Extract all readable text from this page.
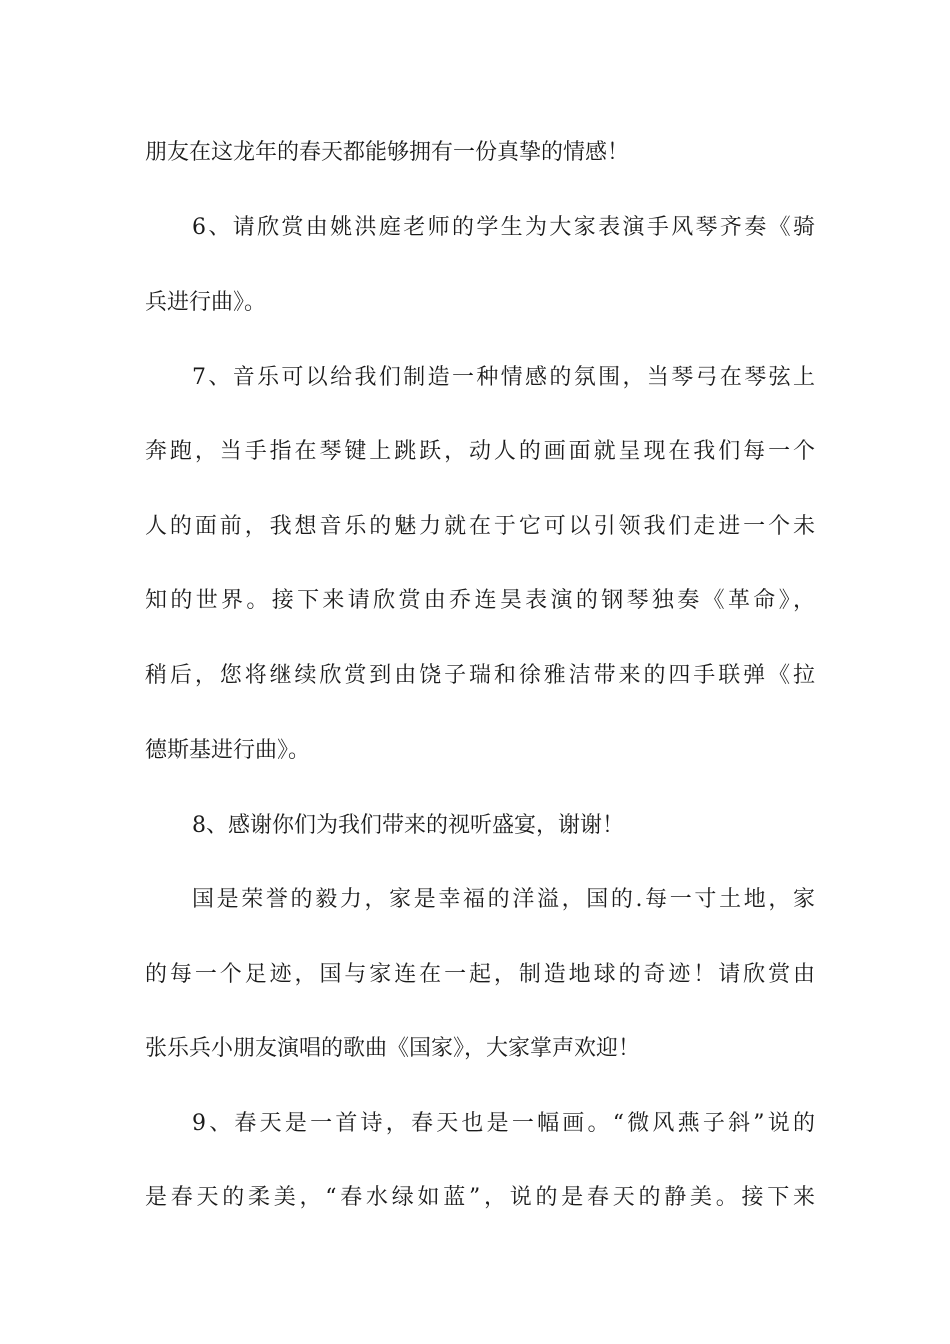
朋友在这龙年的春天都能够拥有一份真挚的情感！
6、请欣赏由姚洪庭老师的学生为大家表演手风琴齐奏《骑
兵进行曲》。
7、音乐可以给我们制造一种情感的氛围，当琴弓在琴弦上
奔跑，当手指在琴键上跳跃，动人的画面就呈现在我们每一个
人的面前，我想音乐的魅力就在于它可以引领我们走进一个未
知的世界。接下来请欣赏由乔连昊表演的钢琴独奏《革命》，
稍后，您将继续欣赏到由饶子瑞和徐雅洁带来的四手联弹《拉
德斯基进行曲》。
8、感谢你们为我们带来的视听盛宴，谢谢！
国是荣誉的毅力，家是幸福的洋溢，国的.每一寸土地，家
的每一个足迹，国与家连在一起，制造地球的奇迹！请欣赏由
张乐兵小朋友演唱的歌曲《国家》，大家掌声欢迎！
9、春天是一首诗，春天也是一幅画。“微风燕子斜”说的
是春天的柔美，“春水绿如蓝”，说的是春天的静美。接下来
